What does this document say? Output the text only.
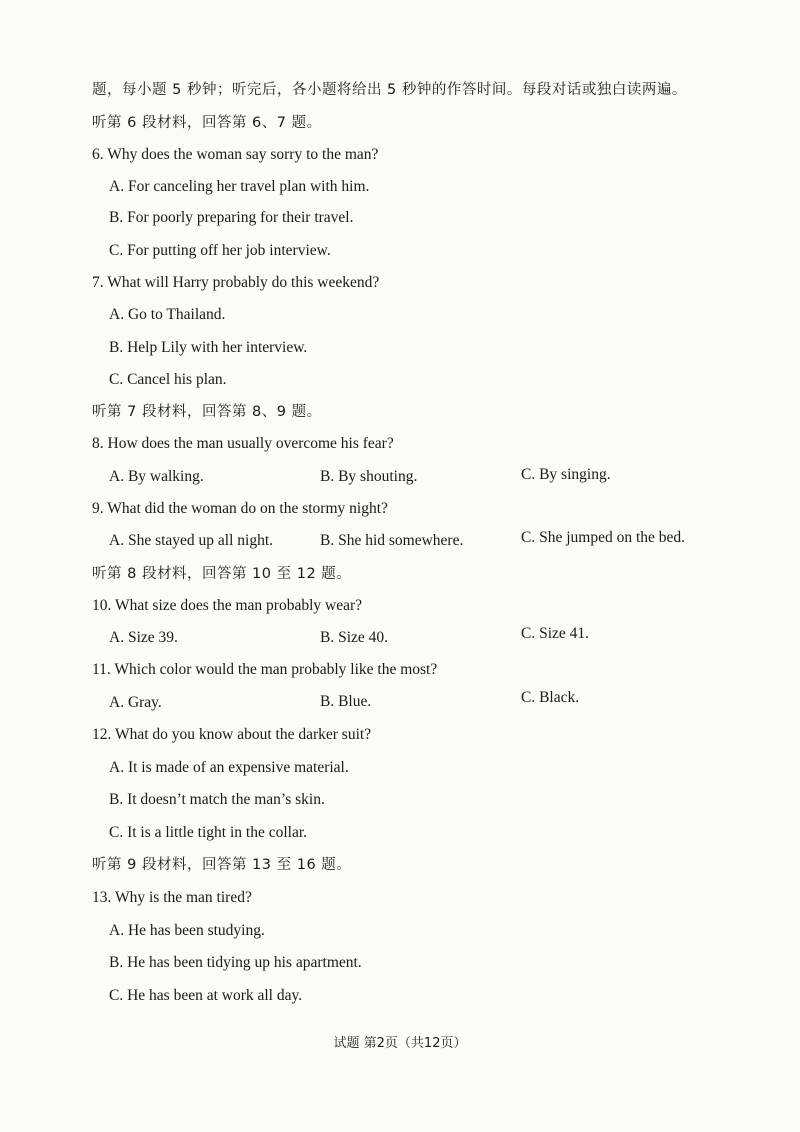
题，每小题 5 秒钟；听完后，各小题将给出 5 秒钟的作答时间。每段对话或独白读两遍。
听第 6 段材料，回答第 6、7 题。
6. Why does the woman say sorry to the man?
A. For canceling her travel plan with him.
B. For poorly preparing for their travel.
C. For putting off her job interview.
7. What will Harry probably do this weekend?
A. Go to Thailand.
B. Help Lily with her interview.
C. Cancel his plan.
听第 7 段材料，回答第 8、9 题。
8. How does the man usually overcome his fear?
A. By walking.	B. By shouting.	C. By singing.
9. What did the woman do on the stormy night?
A. She stayed up all night.	B. She hid somewhere.	C. She jumped on the bed.
听第 8 段材料，回答第 10 至 12 题。
10. What size does the man probably wear?
A. Size 39.	B. Size 40.	C. Size 41.
11. Which color would the man probably like the most?
A. Gray.	B. Blue.	C. Black.
12. What do you know about the darker suit?
A. It is made of an expensive material.
B. It doesn’t match the man’s skin.
C. It is a little tight in the collar.
听第 9 段材料，回答第 13 至 16 题。
13. Why is the man tired?
A. He has been studying.
B. He has been tidying up his apartment.
C. He has been at work all day.
试题 第2页（共12页）
